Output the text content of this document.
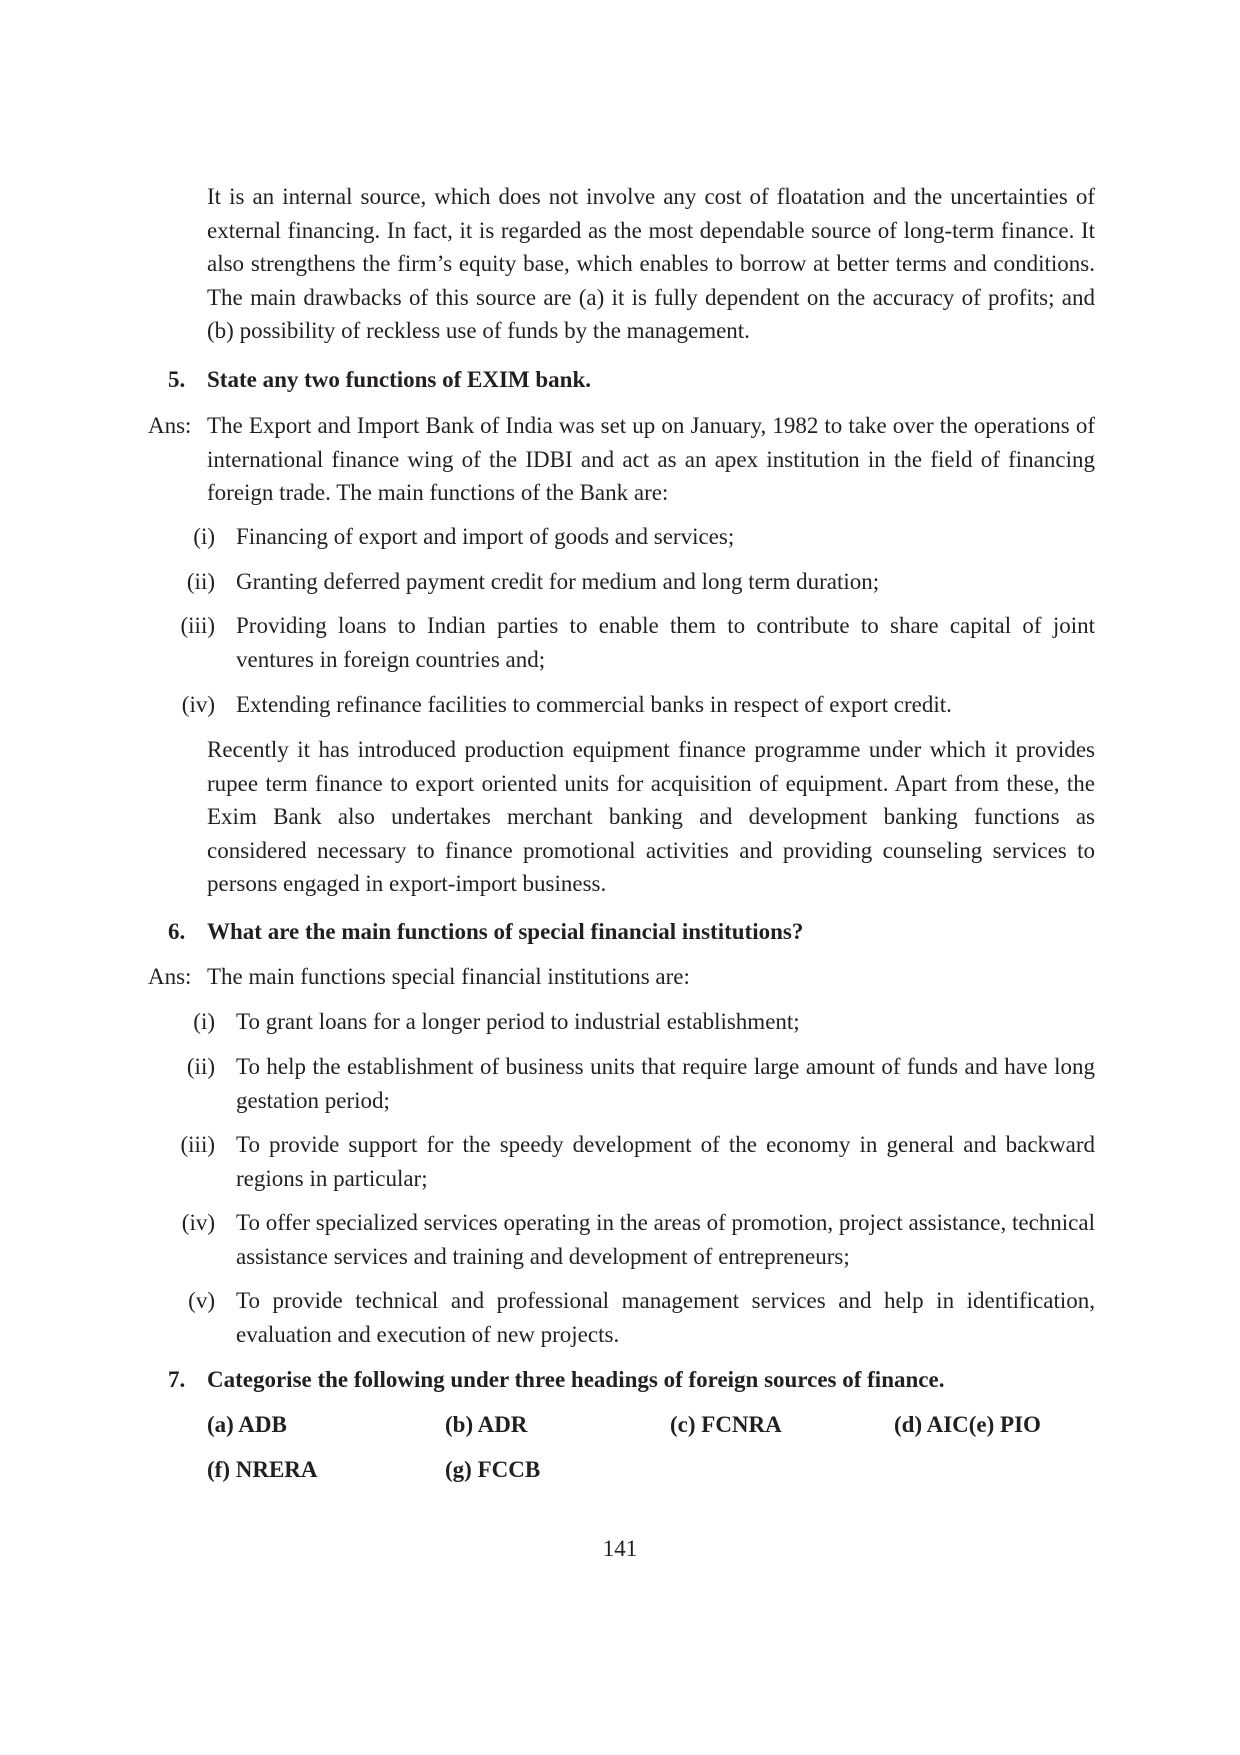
It is an internal source, which does not involve any cost of floatation and the uncertainties of external financing. In fact, it is regarded as the most dependable source of long-term finance. It also strengthens the firm’s equity base, which enables to borrow at better terms and conditions. The main drawbacks of this source are (a) it is fully dependent on the accuracy of profits; and (b) possibility of reckless use of funds by the management.

5. State any two functions of EXIM bank.

Ans: The Export and Import Bank of India was set up on January, 1982 to take over the operations of international finance wing of the IDBI and act as an apex institution in the field of financing foreign trade. The main functions of the Bank are:
(i) Financing of export and import of goods and services;
(ii) Granting deferred payment credit for medium and long term duration;
(iii) Providing loans to Indian parties to enable them to contribute to share capital of joint ventures in foreign countries and;
(iv) Extending refinance facilities to commercial banks in respect of export credit.

Recently it has introduced production equipment finance programme under which it provides rupee term finance to export oriented units for acquisition of equipment. Apart from these, the Exim Bank also undertakes merchant banking and development banking functions as considered necessary to finance promotional activities and providing counseling services to persons engaged in export-import business.

6. What are the main functions of special financial institutions?

Ans: The main functions special financial institutions are:
(i) To grant loans for a longer period to industrial establishment;
(ii) To help the establishment of business units that require large amount of funds and have long gestation period;
(iii) To provide support for the speedy development of the economy in general and backward regions in particular;
(iv) To offer specialized services operating in the areas of promotion, project assistance, technical assistance services and training and development of entrepreneurs;
(v) To provide technical and professional management services and help in identification, evaluation and execution of new projects.

7. Categorise the following under three headings of foreign sources of finance.

(a) ADB	(b) ADR	(c) FCNRA	(d) AIC(e) PIO

(f) NRERA	(g) FCCB

141
